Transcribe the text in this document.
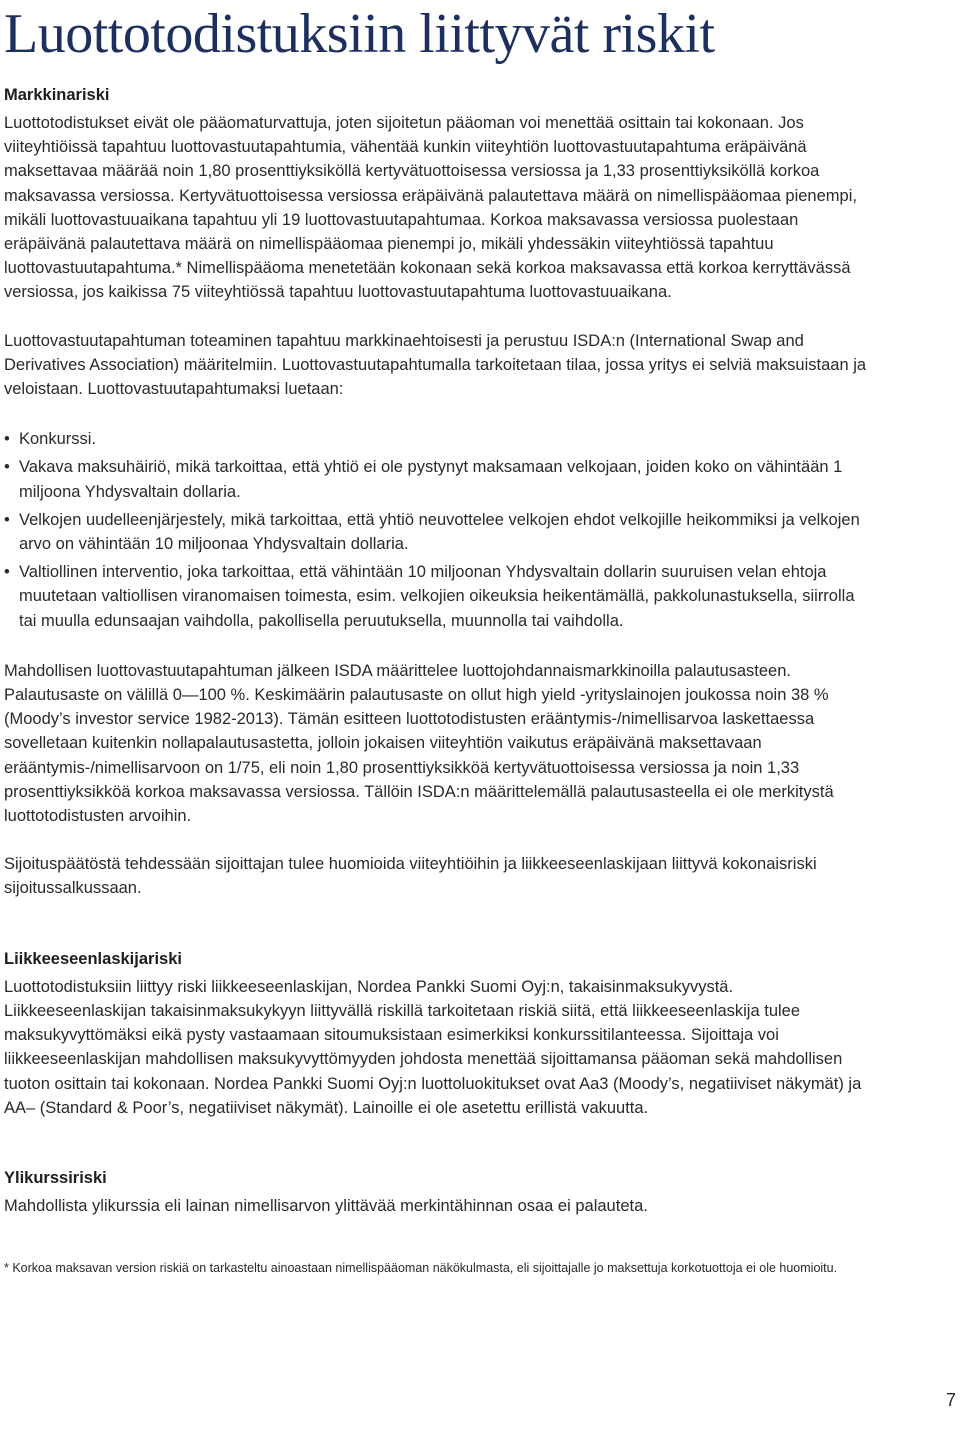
Luottotodistuksiin liittyvät riskit
Markkinariski

Luottotodistukset eivät ole pääomaturvattuja, joten sijoitetun pääoman voi menettää osittain tai kokonaan. Jos viiteyhtiöissä tapahtuu luottovastuutapahtumia, vähentää kunkin viiteyhtiön luottovastuutapahtuma eräpäivänä maksettavaa määrää noin 1,80 prosenttiyksiköllä kertyvätuottoisessa versiossa ja 1,33 prosenttiyksiköllä korkoa maksavassa versiossa. Kertyvätuottoisessa versiossa eräpäivänä palautettava määrä on nimellispääomaa pienempi, mikäli luottovastuuaikana tapahtuu yli 19 luottovastuutapahtumaa. Korkoa maksavassa versiossa puolestaan eräpäivänä palautettava määrä on nimellispääomaa pienempi jo, mikäli yhdessäkin viiteyhtiössä tapahtuu luottovastuutapahtuma.* Nimellispääoma menetetään kokonaan sekä korkoa maksavassa että korkoa kerryttävässä versiossa, jos kaikissa 75 viiteyhtiössä tapahtuu luottovastuutapahtuma luottovastuuaikana.

Luottovastuutapahtuman toteaminen tapahtuu markkinaehtoisesti ja perustuu ISDA:n (International Swap and Derivatives Association) määritelmiin. Luottovastuutapahtumalla tarkoitetaan tilaa, jossa yritys ei selviä maksuistaan ja veloistaan. Luottovastuutapahtumaksi luetaan:

• Konkurssi.
• Vakava maksuhäiriö, mikä tarkoittaa, että yhtiö ei ole pystynyt maksamaan velkojaan, joiden koko on vähintään 1 miljoona Yhdysvaltain dollaria.
• Velkojen uudelleenjärjestely, mikä tarkoittaa, että yhtiö neuvottelee velkojen ehdot velkojille heikommiksi ja velkojen arvo on vähintään 10 miljoonaa Yhdysvaltain dollaria.
• Valtiollinen interventio, joka tarkoittaa, että vähintään 10 miljoonan Yhdysvaltain dollarin suuruisen velan ehtoja muutetaan valtiollisen viranomaisen toimesta, esim. velkojien oikeuksia heikentämällä, pakkolunastuksella, siirrolla tai muulla edunsaajan vaihdolla, pakollisella peruutuksella, muunnolla tai vaihdolla.

Mahdollisen luottovastuutapahtuman jälkeen ISDA määrittelee luottojohdannaismarkkinoilla palautusasteen. Palautusaste on välillä 0—100 %. Keskimäärin palautusaste on ollut high yield -yrityslainojen joukossa noin 38 % (Moody’s investor service 1982-2013). Tämän esitteen luottotodistusten erääntymis-/nimellisarvoa laskettaessa sovelletaan kuitenkin nollapalautusastetta, jolloin jokaisen viiteyhtiön vaikutus eräpäivänä maksettavaan erääntymis-/nimellisarvoon on 1/75, eli noin 1,80 prosenttiyksikköä kertyvätuottoisessa versiossa ja noin 1,33 prosenttiyksikköä korkoa maksavassa versiossa. Tällöin ISDA:n määrittelemällä palautusasteella ei ole merkitystä luottotodistusten arvoihin.

Sijoituspäätöstä tehdessään sijoittajan tulee huomioida viiteyhtiöihin ja liikkeeseenlaskijaan liittyvä kokonaisriski sijoitussalkussaan.

Liikkeeseenlaskijariski

Luottotodistuksiin liittyy riski liikkeeseenlaskijan, Nordea Pankki Suomi Oyj:n, takaisinmaksukyvystä. Liikkeeseenlaskijan takaisinmaksukykyyn liittyvällä riskillä tarkoitetaan riskiä siitä, että liikkeeseenlaskija tulee maksukyvyttömäksi eikä pysty vastaamaan sitoumuksistaan esimerkiksi konkurssitilanteessa. Sijoittaja voi liikkeeseenlaskijan mahdollisen maksukyvyttömyyden johdosta menettää sijoittamansa pääoman sekä mahdollisen tuoton osittain tai kokonaan. Nordea Pankki Suomi Oyj:n luottoluokitukset ovat Aa3 (Moody’s, negatiiviset näkymät) ja AA– (Standard & Poor’s, negatiiviset näkymät). Lainoille ei ole asetettu erillistä vakuutta.

Ylikurssiriski

Mahdollista ylikurssia eli lainan nimellisarvon ylittävää merkintähinnan osaa ei palauteta.

* Korkoa maksavan version riskiä on tarkasteltu ainoastaan nimellispääoman näkökulmasta, eli sijoittajalle jo maksettuja korkotuottoja ei ole huomioitu.

7
